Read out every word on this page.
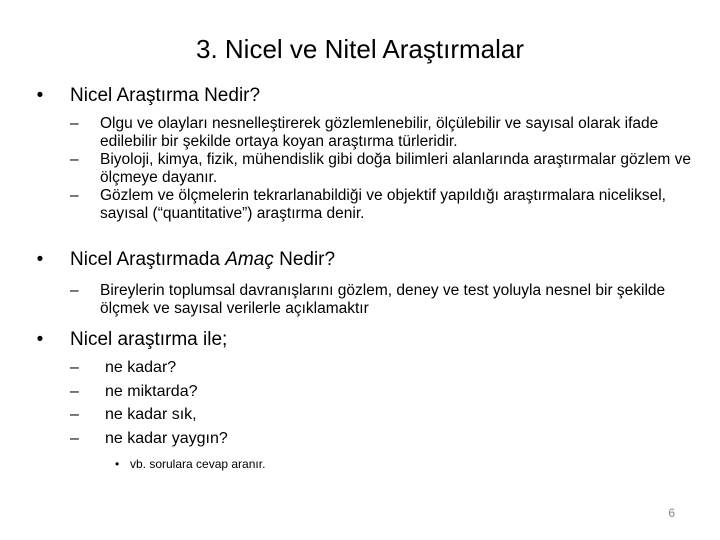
3. Nicel ve Nitel Araştırmalar
•	Nicel Araştırma Nedir?
–	Olgu ve olayları nesnelleştirerek gözlemlenebilir, ölçülebilir ve sayısal olarak ifade edilebilir bir şekilde ortaya koyan araştırma türleridir.
–	Biyoloji, kimya, fizik, mühendislik gibi doğa bilimleri alanlarında araştırmalar gözlem ve ölçmeye dayanır.
–	Gözlem ve ölçmelerin tekrarlanabildiği ve objektif yapıldığı araştırmalara niceliksel, sayısal (“quantitative”) araştırma denir.
•	Nicel Araştırmada Amaç Nedir?
–	Bireylerin toplumsal davranışlarını gözlem, deney ve test yoluyla nesnel bir şekilde ölçmek ve sayısal verilerle açıklamaktır
•	Nicel araştırma ile;
–	ne kadar?
–	ne miktarda?
–	ne kadar sık,
–	ne kadar yaygın?
• vb. sorulara cevap aranır.
6
